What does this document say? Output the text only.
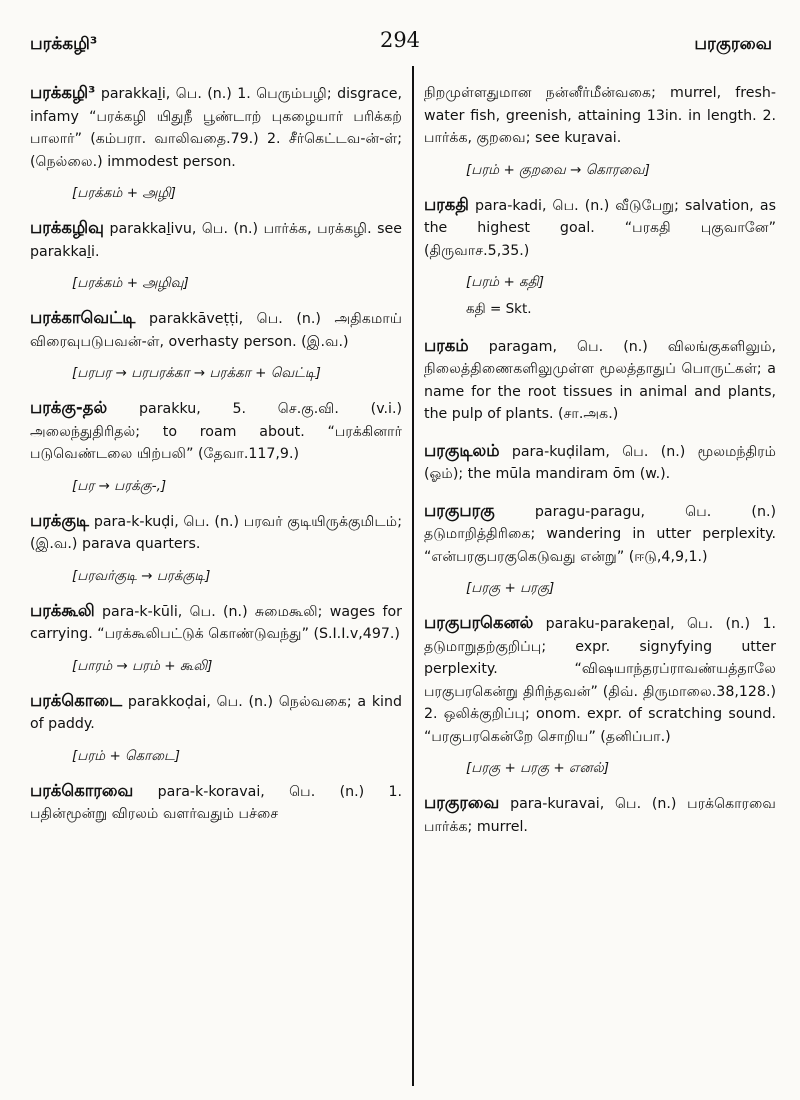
பரக்கழி³	294	பரகுரவை
பரக்கழி³ parakkaḻi, பெ. (n.) 1. பெரும்பழி; disgrace, infamy “பரக்கழி யிதுநீ பூண்டாற் புகழையார் பரிக்கற் பாலார்” (கம்பரா. வாலிவதை.79.) 2. சீர்கெட்டவ-ன்-ள்; (நெல்லை.) immodest person.
[பரக்கம் + அழி]
பரக்கழிவு parakkaḻivu, பெ. (n.) பார்க்க, பரக்கழி. see parakkaḻi.
[பரக்கம் + அழிவு]
பரக்காவெட்டி parakkāveṭṭi, பெ. (n.) அதிகமாய் விரைவுபடுபவன்-ள், overhasty person. (இ.வ.)
[பரபர → பரபரக்கா → பரக்கா + வெட்டி]
பரக்கு-தல் parakku, 5. செ.கு.வி. (v.i.) அலைந்துதிரிதல்; to roam about. “பரக்கினார் படுவெண்டலை யிற்பலி” (தேவா.117,9.)
[பர → பரக்கு-,]
பரக்குடி para-k-kuḍi, பெ. (n.) பரவர் குடியிருக்குமிடம்; (இ.வ.) parava quarters.
[பரவர்குடி → பரக்குடி]
பரக்கூலி para-k-kūli, பெ. (n.) சுமைகூலி; wages for carrying. “பரக்கூலிபட்டுக் கொண்டுவந்து” (S.I.I.v,497.)
[பாரம் → பரம் + கூலி]
பரக்கொடை parakkoḍai, பெ. (n.) நெல்வகை; a kind of paddy.
[பரம் + கொடை]
பரக்கொரவை para-k-koravai, பெ. (n.) 1. பதின்மூன்று விரலம் வளர்வதும் பச்சை
நிறமுள்ளதுமான நன்னீர்மீன்வகை; murrel, fresh-water fish, greenish, attaining 13in. in length. 2. பார்க்க, குறவை; see kuṟavai.
[பரம் + குறவை → கொரவை]
பரகதி para-kadi, பெ. (n.) வீடுபேறு; salvation, as the highest goal. “பரகதி புகுவானே” (திருவாச.5,35.)
[பரம் + கதி]
கதி = Skt.
பரகம் paragam, பெ. (n.) விலங்குகளிலும், நிலைத்திணைகளிலுமுள்ள மூலத்தாதுப் பொருட்கள்; a name for the root tissues in animal and plants, the pulp of plants. (சா.அக.)
பரகுடிலம் para-kuḍilam, பெ. (n.) மூலமந்திரம் (ஓம்); the mūla mandiram ōm (w.).
பரகுபரகு	paragu-paragu, பெ. (n.) தடுமாறித்திரிகை; wandering in utter perplexity. “என்பரகுபரகுகெடுவது என்று” (ஈடு,4,9,1.)
[பரகு + பரகு]
பரகுபரகெனல் paraku-parakeṉal, பெ. (n.) 1. தடுமாறுதற்குறிப்பு; expr. signyfying utter perplexity. “விஷயாந்தரப்ராவண்யத்தாலே பரகுபரகென்று திரிந்தவன்” (திவ். திருமாலை.38,128.) 2. ஒலிக்குறிப்பு; onom. expr. of scratching sound. “பரகுபரகென்றே சொறிய” (தனிப்பா.)
[பரகு + பரகு + எனல்]
பரகுரவை para-kuravai, பெ. (n.) பரக்கொரவை பார்க்க; murrel.
